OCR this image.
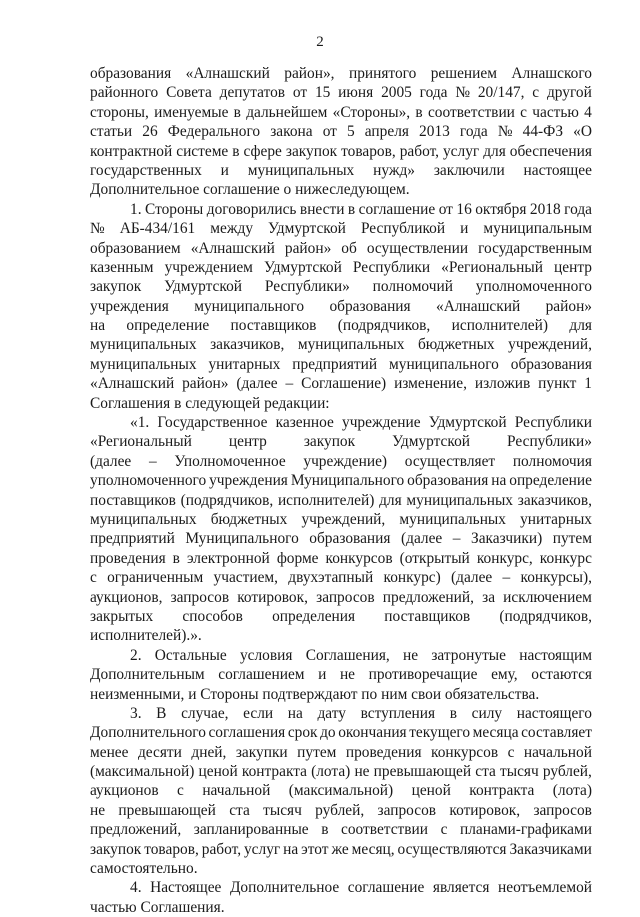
2
образования «Алнашский район», принятого решением Алнашского
районного Совета депутатов от 15 июня 2005 года № 20/147, с другой
стороны, именуемые в дальнейшем «Стороны», в соответствии с частью 4
статьи 26 Федерального закона от 5 апреля 2013 года № 44-ФЗ «О
контрактной системе в сфере закупок товаров, работ, услуг для обеспечения
государственных и муниципальных нужд» заключили настоящее
Дополнительное соглашение о нижеследующем.
1. Стороны договорились внести в соглашение от 16 октября 2018 года
№ АБ-434/161 между Удмуртской Республикой и муниципальным
образованием «Алнашский район» об осуществлении государственным
казенным учреждением Удмуртской Республики «Региональный центр
закупок Удмуртской Республики» полномочий уполномоченного
учреждения муниципального образования «Алнашский район»
на определение поставщиков (подрядчиков, исполнителей) для
муниципальных заказчиков, муниципальных бюджетных учреждений,
муниципальных унитарных предприятий муниципального образования
«Алнашский район» (далее – Соглашение) изменение, изложив пункт 1
Соглашения в следующей редакции:
«1. Государственное казенное учреждение Удмуртской Республики
«Региональный центр закупок Удмуртской Республики»
(далее – Уполномоченное учреждение) осуществляет полномочия
уполномоченного учреждения Муниципального образования на определение
поставщиков (подрядчиков, исполнителей) для муниципальных заказчиков,
муниципальных бюджетных учреждений, муниципальных унитарных
предприятий Муниципального образования (далее – Заказчики) путем
проведения в электронной форме конкурсов (открытый конкурс, конкурс
с ограниченным участием, двухэтапный конкурс) (далее – конкурсы),
аукционов, запросов котировок, запросов предложений, за исключением
закрытых способов определения поставщиков (подрядчиков,
исполнителей).».
2. Остальные условия Соглашения, не затронутые настоящим
Дополнительным соглашением и не противоречащие ему, остаются
неизменными, и Стороны подтверждают по ним свои обязательства.
3. В случае, если на дату вступления в силу настоящего
Дополнительного соглашения срок до окончания текущего месяца составляет
менее десяти дней, закупки путем проведения конкурсов с начальной
(максимальной) ценой контракта (лота) не превышающей ста тысяч рублей,
аукционов с начальной (максимальной) ценой контракта (лота)
не превышающей ста тысяч рублей, запросов котировок, запросов
предложений, запланированные в соответствии с планами-графиками
закупок товаров, работ, услуг на этот же месяц, осуществляются Заказчиками
самостоятельно.
4. Настоящее Дополнительное соглашение является неотъемлемой
частью Соглашения.
